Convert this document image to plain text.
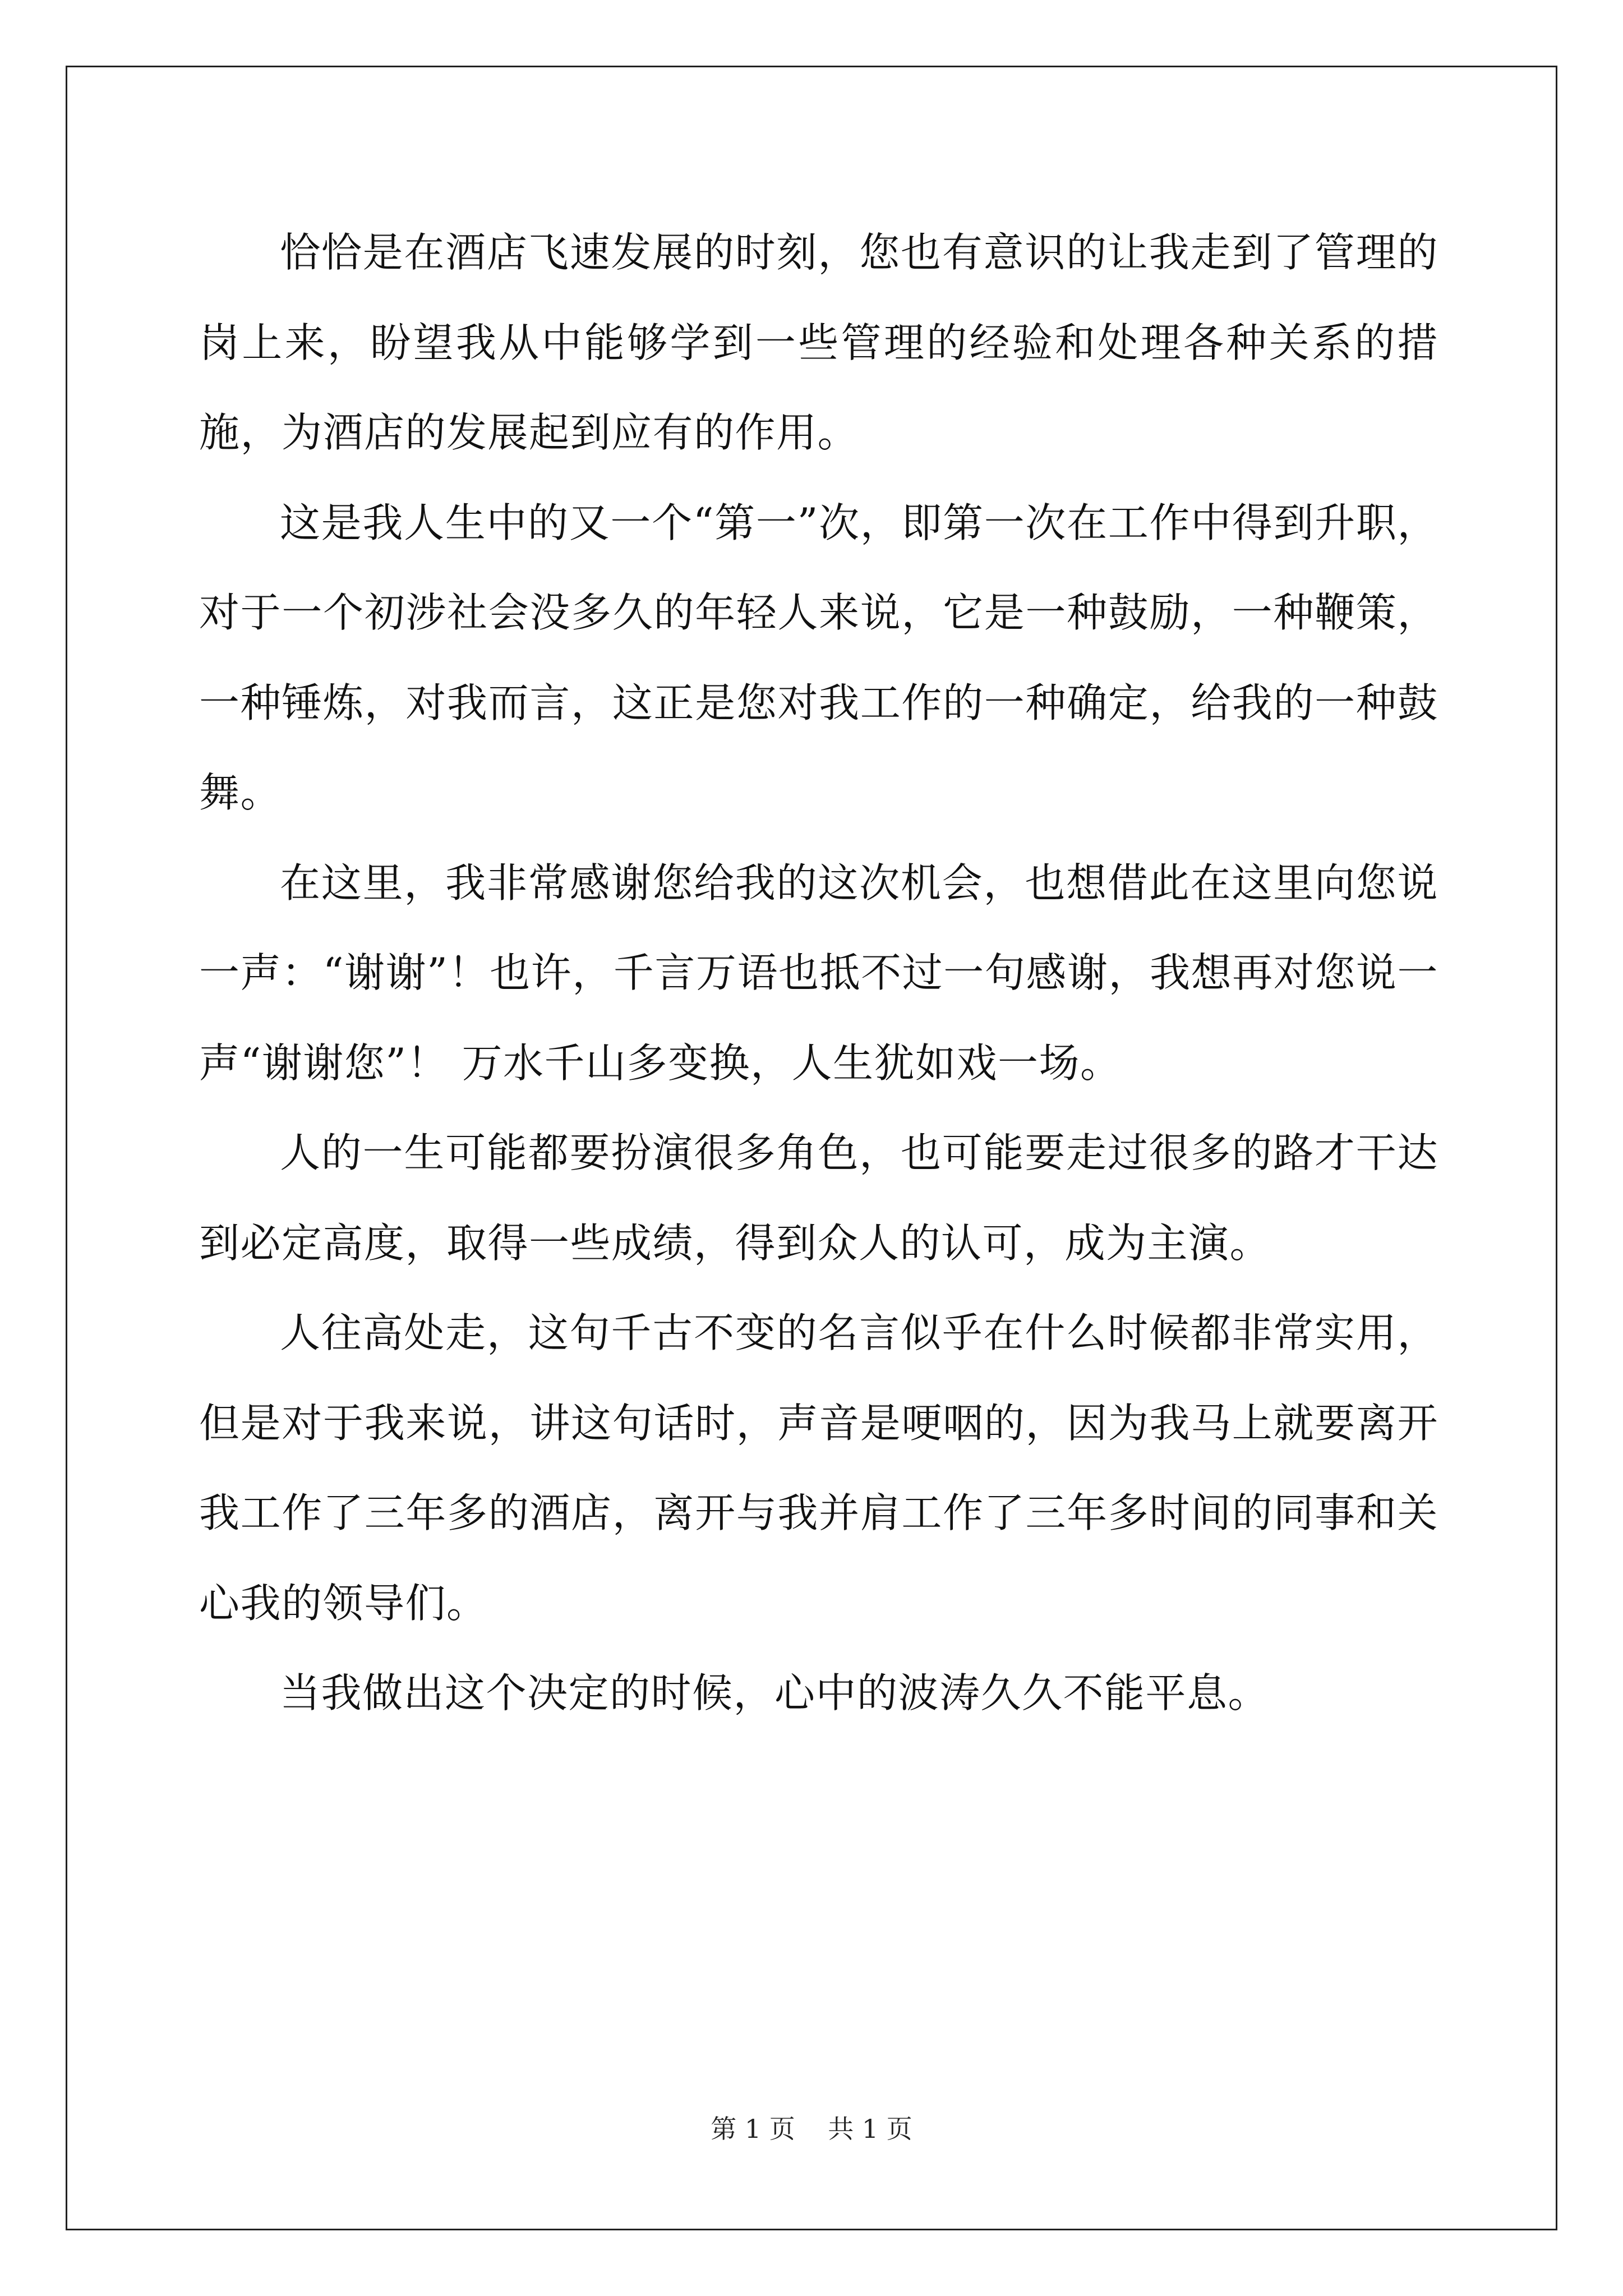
恰恰是在酒店飞速发展的时刻，您也有意识的让我走到了管理的岗上来，盼望我从中能够学到一些管理的经验和处理各种关系的措施，为酒店的发展起到应有的作用。

这是我人生中的又一个“第一”次，即第一次在工作中得到升职，对于一个初涉社会没多久的年轻人来说，它是一种鼓励，一种鞭策，一种锤炼，对我而言，这正是您对我工作的一种确定，给我的一种鼓舞。

在这里，我非常感谢您给我的这次机会，也想借此在这里向您说一声：“谢谢”！也许，千言万语也抵不过一句感谢，我想再对您说一声“谢谢您”！ 万水千山多变换，人生犹如戏一场。

人的一生可能都要扮演很多角色，也可能要走过很多的路才干达到必定高度，取得一些成绩，得到众人的认可，成为主演。

人往高处走，这句千古不变的名言似乎在什么时候都非常实用，但是对于我来说，讲这句话时，声音是哽咽的，因为我马上就要离开我工作了三年多的酒店，离开与我并肩工作了三年多时间的同事和关心我的领导们。

当我做出这个决定的时候，心中的波涛久久不能平息。

第 1 页 共 1 页
